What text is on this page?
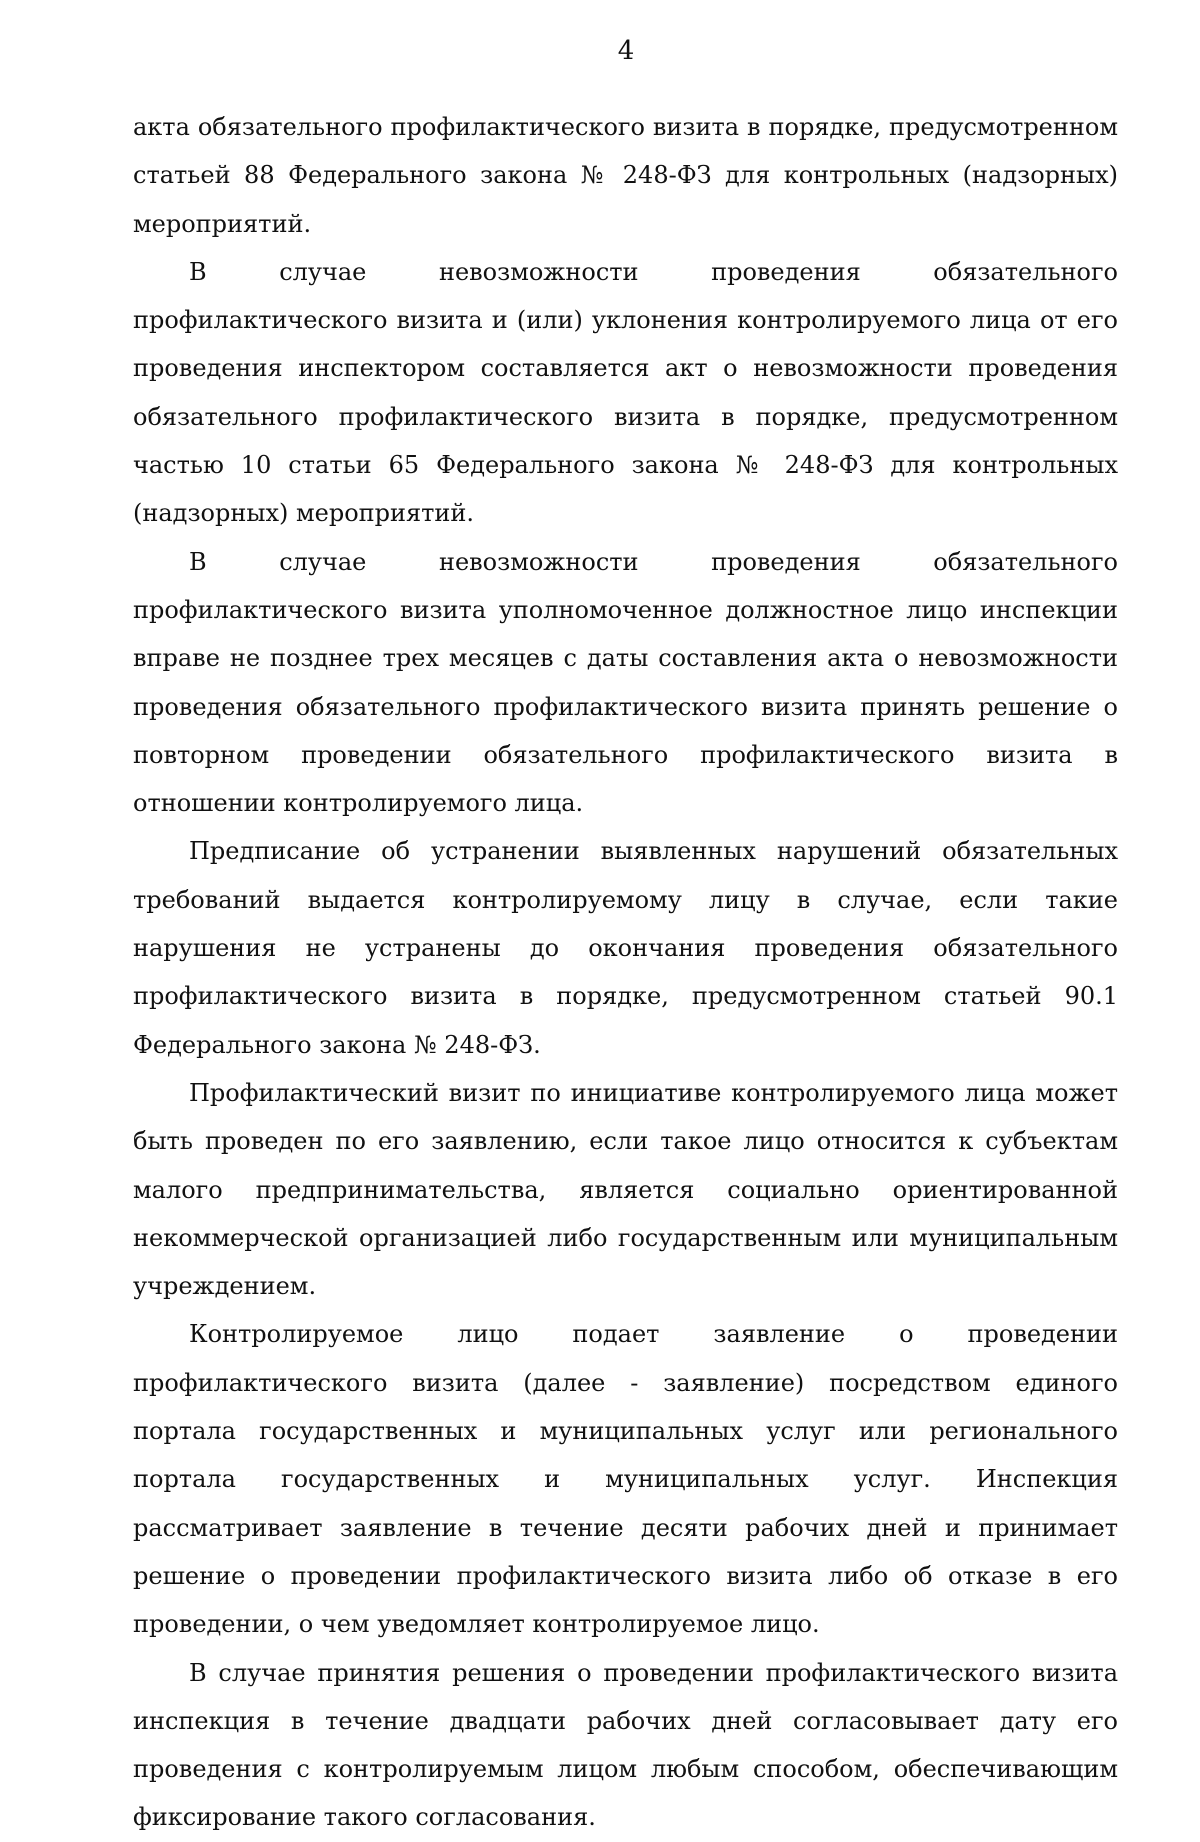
4

акта обязательного профилактического визита в порядке, предусмотренном статьей 88 Федерального закона № 248-ФЗ для контрольных (надзорных) мероприятий.

В случае невозможности проведения обязательного профилактического визита и (или) уклонения контролируемого лица от его проведения инспектором составляется акт о невозможности проведения обязательного профилактического визита в порядке, предусмотренном частью 10 статьи 65 Федерального закона № 248-ФЗ для контрольных (надзорных) мероприятий.

В случае невозможности проведения обязательного профилактического визита уполномоченное должностное лицо инспекции вправе не позднее трех месяцев с даты составления акта о невозможности проведения обязательного профилактического визита принять решение о повторном проведении обязательного профилактического визита в отношении контролируемого лица.

Предписание об устранении выявленных нарушений обязательных требований выдается контролируемому лицу в случае, если такие нарушения не устранены до окончания проведения обязательного профилактического визита в порядке, предусмотренном статьей 90.1 Федерального закона № 248-ФЗ.

Профилактический визит по инициативе контролируемого лица может быть проведен по его заявлению, если такое лицо относится к субъектам малого предпринимательства, является социально ориентированной некоммерческой организацией либо государственным или муниципальным учреждением.

Контролируемое лицо подает заявление о проведении профилактического визита (далее - заявление) посредством единого портала государственных и муниципальных услуг или регионального портала государственных и муниципальных услуг. Инспекция рассматривает заявление в течение десяти рабочих дней и принимает решение о проведении профилактического визита либо об отказе в его проведении, о чем уведомляет контролируемое лицо.

В случае принятия решения о проведении профилактического визита инспекция в течение двадцати рабочих дней согласовывает дату его проведения с контролируемым лицом любым способом, обеспечивающим фиксирование такого согласования.
